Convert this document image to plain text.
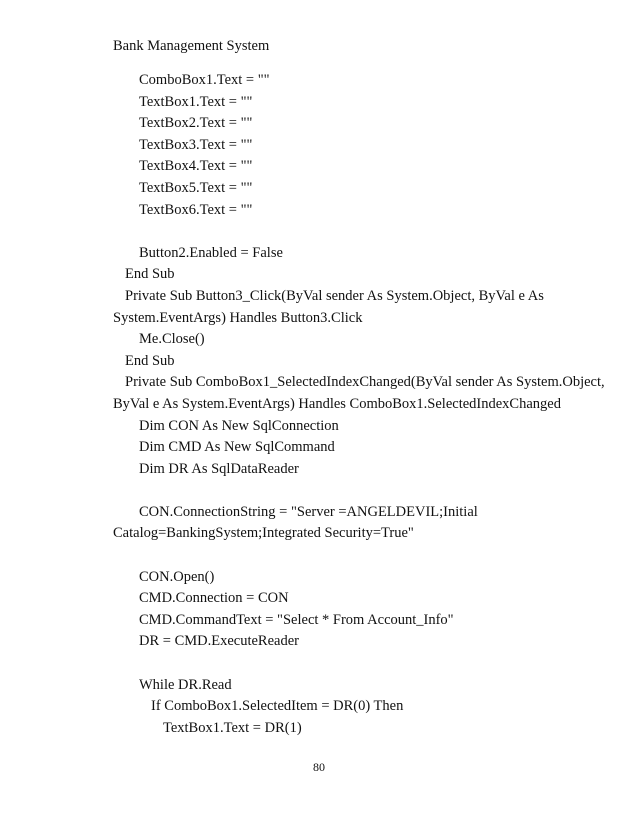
Bank Management System
ComboBox1.Text = ""
TextBox1.Text = ""
TextBox2.Text = ""
TextBox3.Text = ""
TextBox4.Text = ""
TextBox5.Text = ""
TextBox6.Text = ""
Button2.Enabled = False
End Sub
Private Sub Button3_Click(ByVal sender As System.Object, ByVal e As
System.EventArgs) Handles Button3.Click
Me.Close()
End Sub
Private Sub ComboBox1_SelectedIndexChanged(ByVal sender As System.Object,
ByVal e As System.EventArgs) Handles ComboBox1.SelectedIndexChanged
Dim CON As New SqlConnection
Dim CMD As New SqlCommand
Dim DR As SqlDataReader
CON.ConnectionString = "Server =ANGELDEVIL;Initial
Catalog=BankingSystem;Integrated Security=True"
CON.Open()
CMD.Connection = CON
CMD.CommandText = "Select * From Account_Info"
DR = CMD.ExecuteReader
While DR.Read
If ComboBox1.SelectedItem = DR(0) Then
TextBox1.Text = DR(1)
80
